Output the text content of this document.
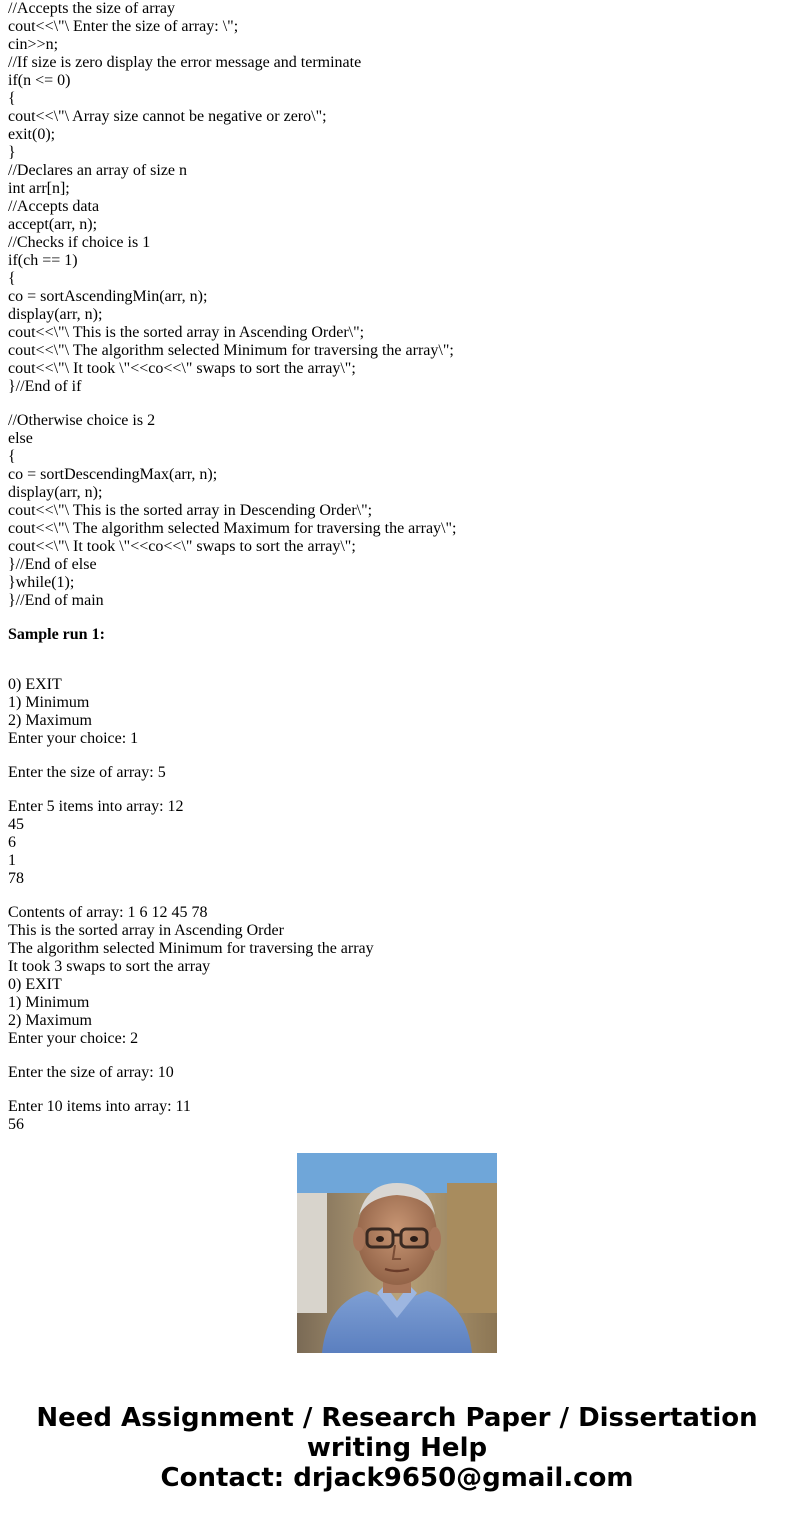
//Accepts the size of array
cout<<\"\ Enter the size of array: \";
cin>>n;
//If size is zero display the error message and terminate
if(n <= 0)
{
cout<<\"\ Array size cannot be negative or zero\";
exit(0);
}
//Declares an array of size n
int arr[n];
//Accepts data
accept(arr, n);
//Checks if choice is 1
if(ch == 1)
{
co = sortAscendingMin(arr, n);
display(arr, n);
cout<<\"\ This is the sorted array in Ascending Order\";
cout<<\"\ The algorithm selected Minimum for traversing the array\";
cout<<\"\ It took \"<<co<<\" swaps to sort the array\";
}//End of if
//Otherwise choice is 2
else
{
co = sortDescendingMax(arr, n);
display(arr, n);
cout<<\"\ This is the sorted array in Descending Order\";
cout<<\"\ The algorithm selected Maximum for traversing the array\";
cout<<\"\ It took \"<<co<<\" swaps to sort the array\";
}//End of else
}while(1);
}//End of main
Sample run 1:
0) EXIT
1) Minimum
2) Maximum
Enter your choice: 1
Enter the size of array: 5
Enter 5 items into array: 12
45
6
1
78
Contents of array: 1 6 12 45 78
This is the sorted array in Ascending Order
The algorithm selected Minimum for traversing the array
It took 3 swaps to sort the array
0) EXIT
1) Minimum
2) Maximum
Enter your choice: 2
Enter the size of array: 10
Enter 10 items into array: 11
56
Need Assignment / Research Paper / Dissertation
writing Help
Contact: drjack9650@gmail.com
